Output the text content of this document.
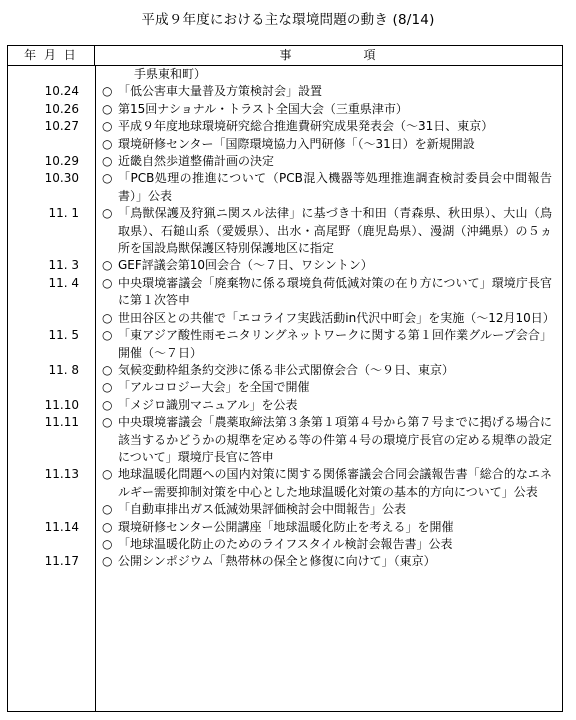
平成９年度における主な環境問題の動き (8/14)
年 月 日	事　　　　　項
手県東和町）
10.24	○ 「低公害車大量普及方策検討会」設置
10.26	○ 第15回ナショナル・トラスト全国大会（三重県津市）
10.27	○ 平成９年度地球環境研究総合推進費研究成果発表会（～31日、東京）
○ 環境研修センター「国際環境協力入門研修「（～31日）を新規開設
10.29	○ 近畿自然歩道整備計画の決定
10.30	○ 「PCB処理の推進について（PCB混入機器等処理推進調査検討委員会中間報告書）」公表
11. 1	○ 「鳥獣保護及狩猟ニ関スル法律」に基づき十和田（青森県、秋田県）、大山（鳥取県）、石鎚山系（愛媛県）、出水・高尾野（鹿児島県）、漫湖（沖縄県）の５ヵ所を国設鳥獣保護区特別保護地区に指定
11. 3	○ GEF評議会第10回会合（～７日、ワシントン）
11. 4	○ 中央環境審議会「廃棄物に係る環境負荷低減対策の在り方について」環境庁長官に第１次答申
○ 世田谷区との共催で「エコライフ実践活動in代沢中町会」を実施（～12月10日）
11. 5	○ 「東アジア酸性雨モニタリングネットワークに関する第１回作業グループ会合」開催（～７日）
11. 8	○ 気候変動枠組条約交渉に係る非公式閣僚会合（～９日、東京）
○ 「アルコロジー大会」を全国で開催
11.10	○ 「メジロ識別マニュアル」を公表
11.11	○ 中央環境審議会「農薬取締法第３条第１項第４号から第７号までに掲げる場合に該当するかどうかの規準を定める等の件第４号の環境庁長官の定める規準の設定について」環境庁長官に答申
11.13	○ 地球温暖化問題への国内対策に関する関係審議会合同会議報告書「総合的なエネルギー需要抑制対策を中心とした地球温暖化対策の基本的方向について」公表
○ 「自動車排出ガス低減効果評価検討会中間報告」公表
11.14	○ 環境研修センター公開講座「地球温暖化防止を考える」を開催
○ 「地球温暖化防止のためのライフスタイル検討会報告書」公表
11.17	○ 公開シンポジウム「熱帯林の保全と修復に向けて」（東京）
